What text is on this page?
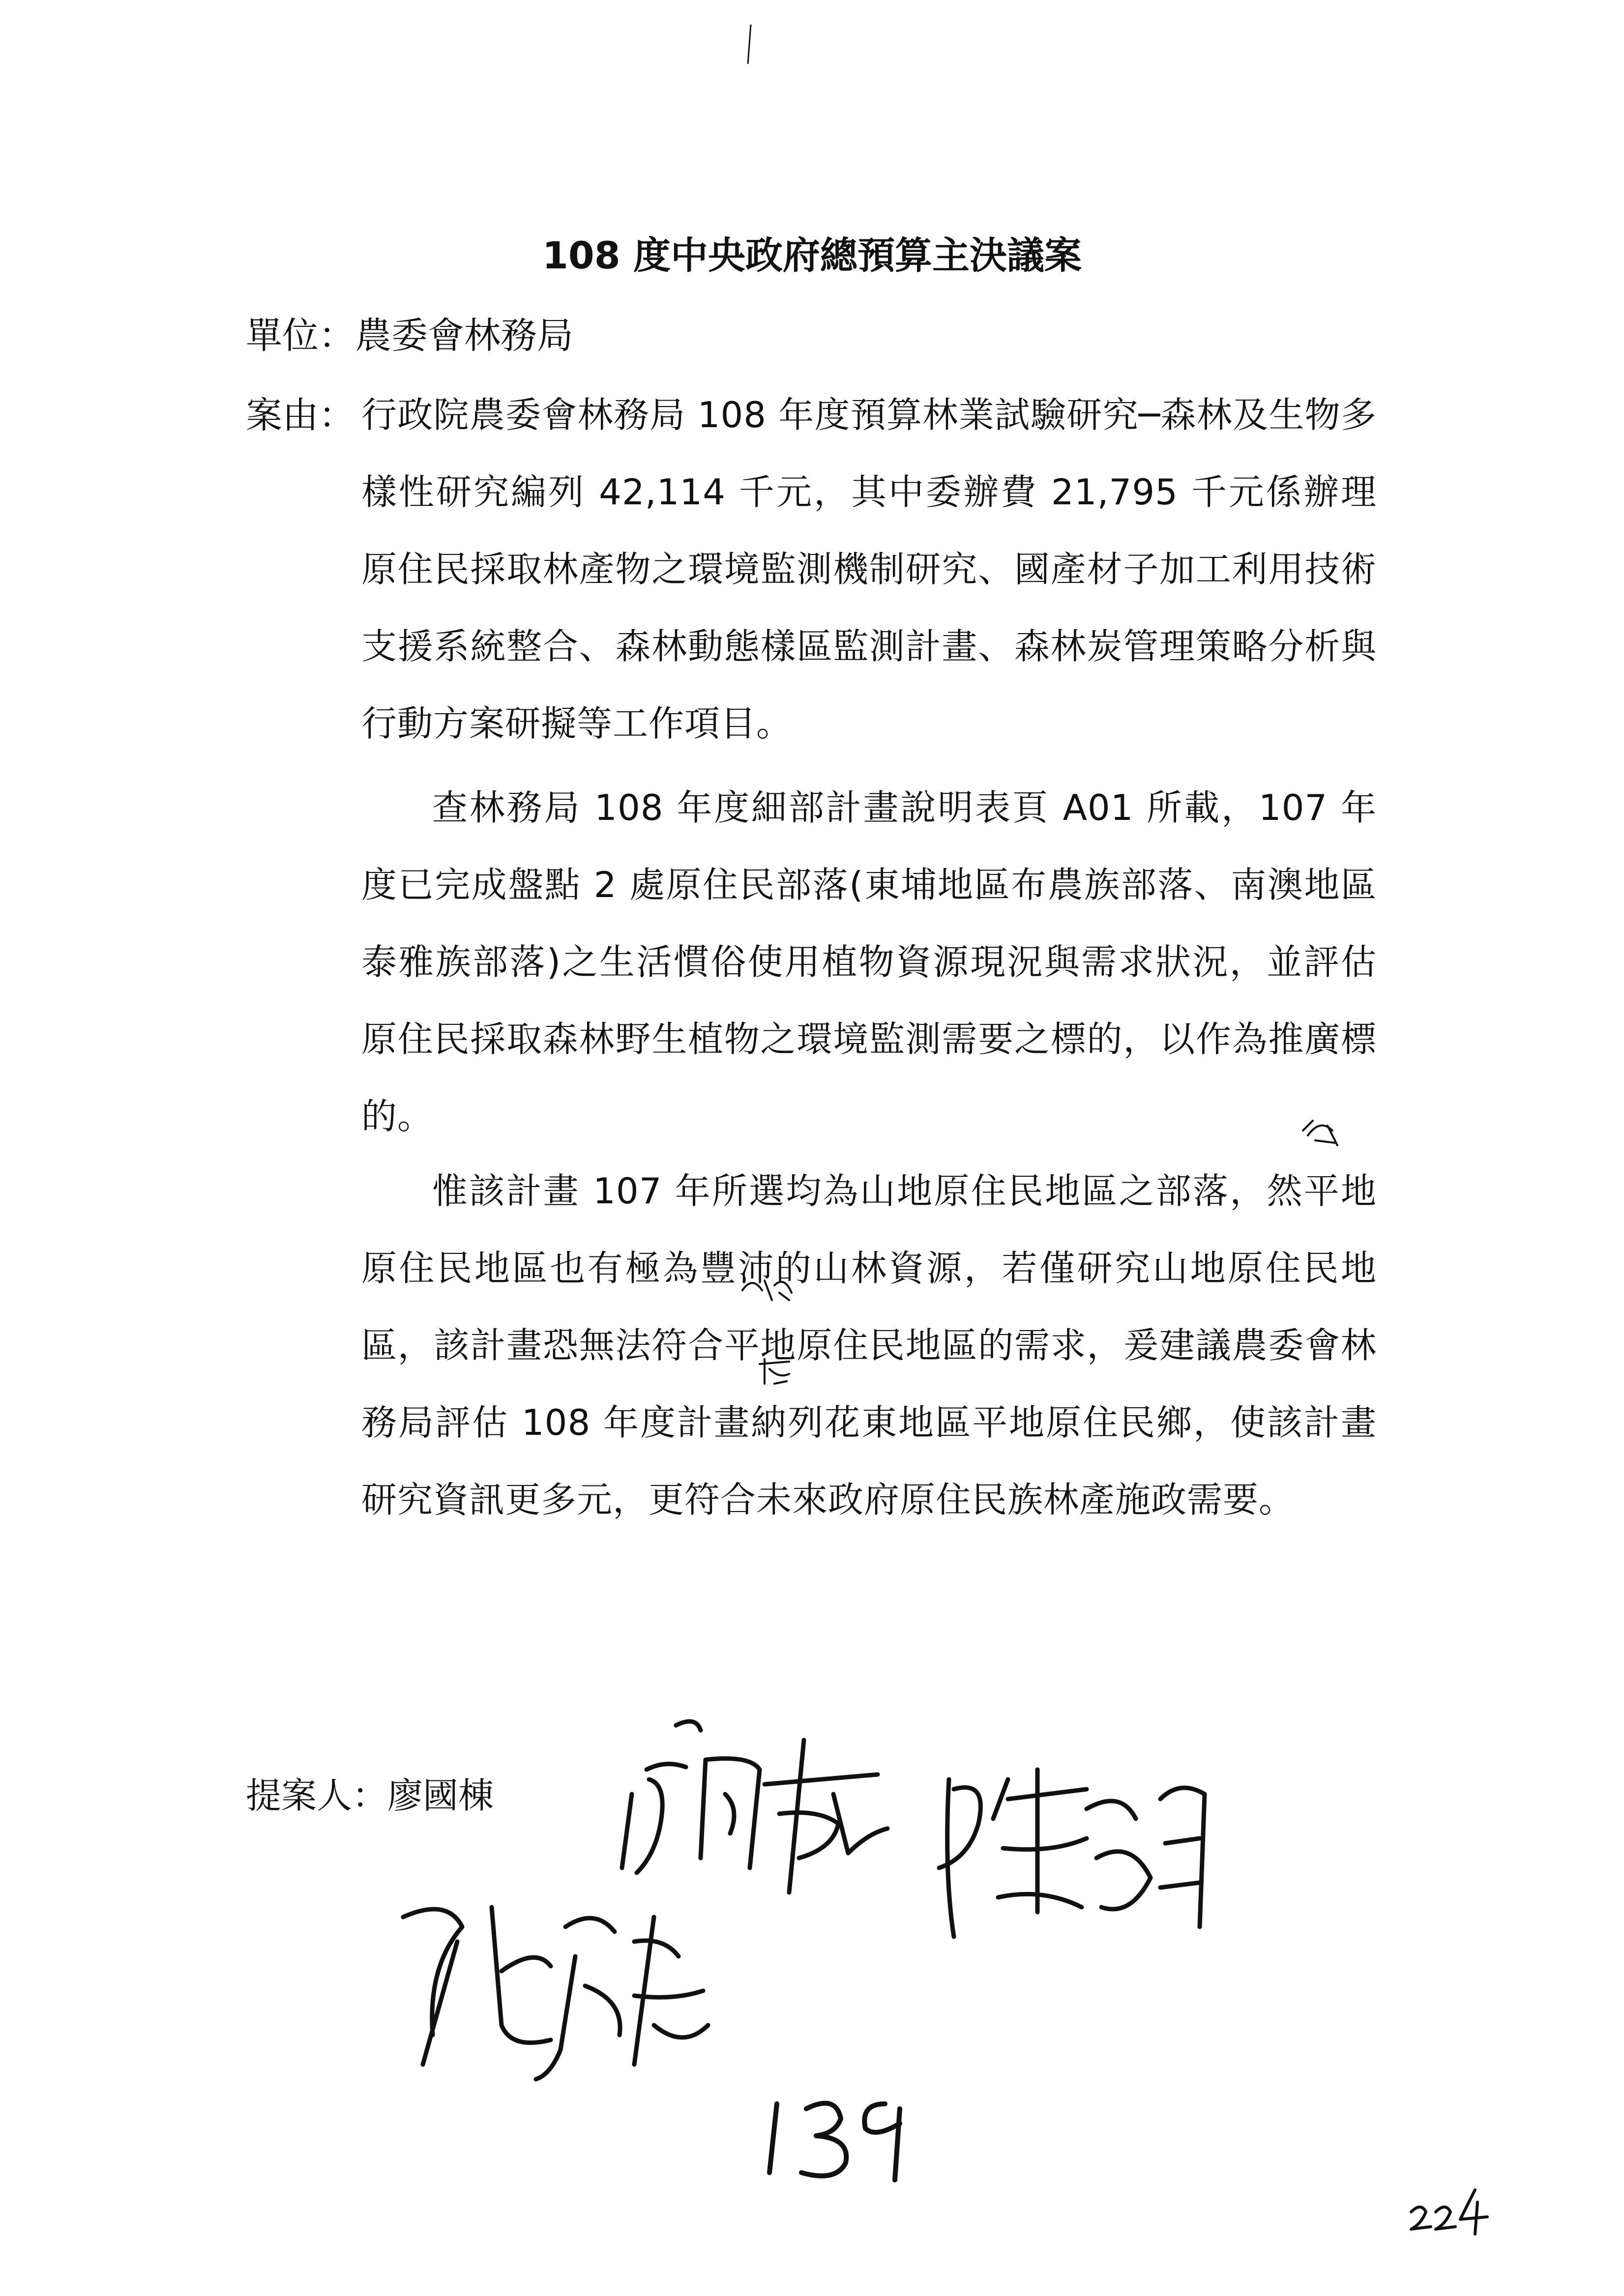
108 度中央政府總預算主決議案
單位：農委會林務局
案由： 行政院農委會林務局 108 年度預算林業試驗研究─森林及生物多樣性研究編列 42,114 千元，其中委辦費 21,795 千元係辦理原住民採取林產物之環境監測機制研究、國產材子加工利用技術支援系統整合、森林動態樣區監測計畫、森林炭管理策略分析與行動方案研擬等工作項目。

查林務局 108 年度細部計畫說明表頁 A01 所載，107 年度已完成盤點 2 處原住民部落(東埔地區布農族部落、南澳地區泰雅族部落)之生活慣俗使用植物資源現況與需求狀況，並評估原住民採取森林野生植物之環境監測需要之標的，以作為推廣標的。

惟該計畫 107 年所選均為山地原住民地區之部落，然平地原住民地區也有極為豐沛的山林資源，若僅研究山地原住民地區，該計畫恐無法符合平地原住民地區的需求，爰建議農委會林務局評估 108 年度計畫納列花東地區平地原住民鄉，使該計畫研究資訊更多元，更符合未來政府原住民族林產施政需要。

提案人：廖國棟
